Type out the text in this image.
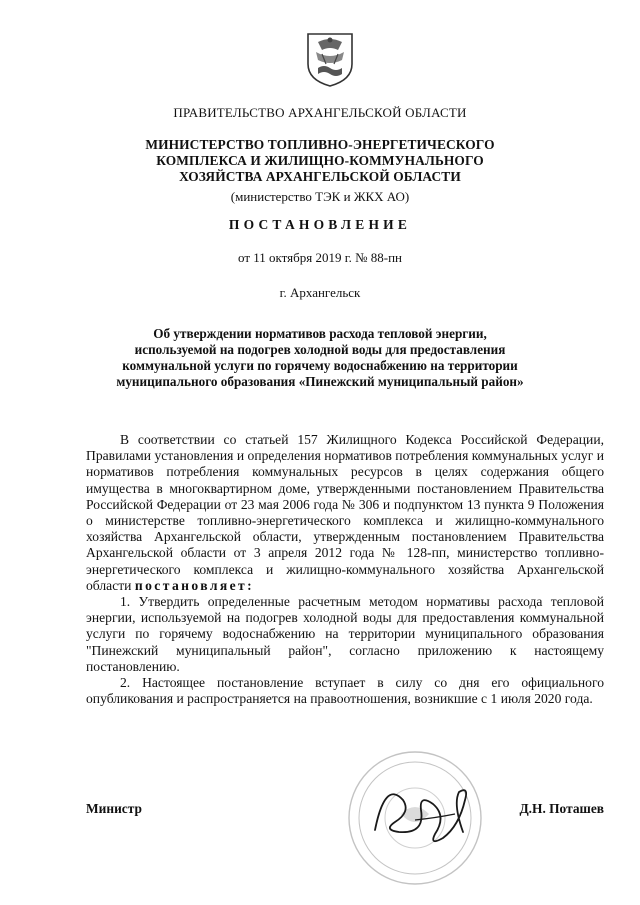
ПРАВИТЕЛЬСТВО АРХАНГЕЛЬСКОЙ ОБЛАСТИ
МИНИСТЕРСТВО ТОПЛИВНО-ЭНЕРГЕТИЧЕСКОГО
КОМПЛЕКСА И ЖИЛИЩНО-КОММУНАЛЬНОГО
ХОЗЯЙСТВА АРХАНГЕЛЬСКОЙ ОБЛАСТИ
(министерство ТЭК и ЖКХ АО)
ПОСТАНОВЛЕНИЕ
от 11 октября 2019 г. № 88-пн
г. Архангельск
Об утверждении нормативов расхода тепловой энергии,
используемой на подогрев холодной воды для предоставления
коммунальной услуги по горячему водоснабжению на территории
муниципального образования «Пинежский муниципальный район»

В соответствии со статьей 157 Жилищного Кодекса Российской Федерации, Правилами установления и определения нормативов потребления коммунальных услуг и нормативов потребления коммунальных ресурсов в целях содержания общего имущества в многоквартирном доме, утвержденными постановлением Правительства Российской Федерации от 23 мая 2006 года № 306 и подпунктом 13 пункта 9 Положения о министерстве топливно-энергетического комплекса и жилищно-коммунального хозяйства Архангельской области, утвержденным постановлением Правительства Архангельской области от 3 апреля 2012 года № 128-пп, министерство топливно-энергетического комплекса и жилищно-коммунального хозяйства Архангельской области постановляет:

1. Утвердить определенные расчетным методом нормативы расхода тепловой энергии, используемой на подогрев холодной воды для предоставления коммунальной услуги по горячему водоснабжению на территории муниципального образования "Пинежский муниципальный район", согласно приложению к настоящему постановлению.

2. Настоящее постановление вступает в силу со дня его официального опубликования и распространяется на правоотношения, возникшие с 1 июля 2020 года.

Министр	Д.Н. Поташев
